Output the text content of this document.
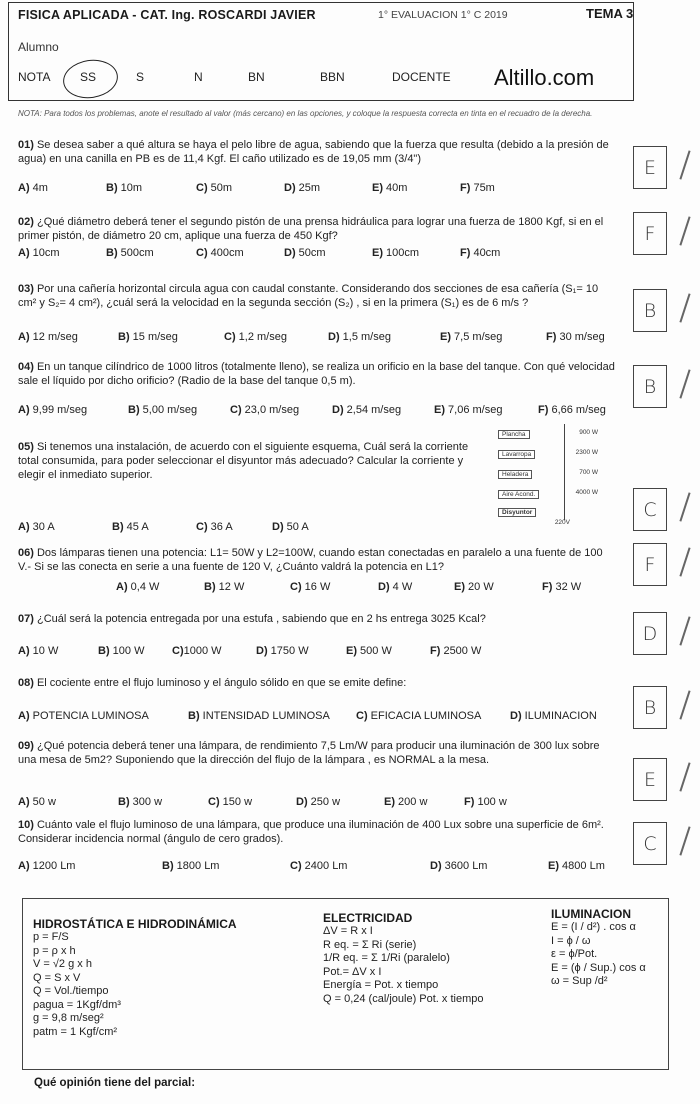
FISICA APLICADA - CAT. Ing. ROSCARDI JAVIER	1° EVALUACION 1° C 2019	TEMA 3
Alumno
NOTA SS	S	N	BN	BBN	DOCENTE Altillo.com
NOTA: Para todos los problemas, anote el resultado al valor (más cercano) en las opciones, y coloque la respuesta correcta en tinta en el recuadro de la derecha.
01) Se desea saber a qué altura se haya el pelo libre de agua, sabiendo que la fuerza que resulta (debido a la presión de agua) en una canilla en PB es de 11,4 Kgf. El caño utilizado es de 19,05 mm (3/4")
A) 4m	B) 10m	C) 50m	D) 25m	E) 40m	F) 75m
E
02) ¿Qué diámetro deberá tener el segundo pistón de una prensa hidráulica para lograr una fuerza de 1800 Kgf, si en el primer pistón, de diámetro 20 cm, aplique una fuerza de 450 Kgf?
A) 10cm	B) 500cm	C) 400cm	D) 50cm	E) 100cm	F) 40cm
F
03) Por una cañería horizontal circula agua con caudal constante. Considerando dos secciones de esa cañería (S₁= 10 cm² y S₂= 4 cm²), ¿cuál será la velocidad en la segunda sección (S₂) , si en la primera (S₁) es de 6 m/s ?
A) 12 m/seg	B) 15 m/seg	C) 1,2 m/seg	D) 1,5 m/seg	E) 7,5 m/seg	F) 30 m/seg
B
04) En un tanque cilíndrico de 1000 litros (totalmente lleno), se realiza un orificio en la base del tanque. Con qué velocidad sale el líquido por dicho orificio? (Radio de la base del tanque 0,5 m).
A) 9,99 m/seg	B) 5,00 m/seg	C) 23,0 m/seg	D) 2,54 m/seg	E) 7,06 m/seg	F) 6,66 m/seg
B
05) Si tenemos una instalación, de acuerdo con el siguiente esquema, Cuál será la corriente total consumida, para poder seleccionar el disyuntor más adecuado? Calcular la corriente y elegir el inmediato superior.
A) 30 A	B) 45 A	C) 36 A	D) 50 A
C
06) Dos lámparas tienen una potencia: L1= 50W y L2=100W, cuando estan conectadas en paralelo a una fuente de 100 V.- Si se las conecta en serie a una fuente de 120 V, ¿Cuánto valdrá la potencia en L1?
A) 0,4 W	B) 12 W	C) 16 W	D) 4 W	E) 20 W	F) 32 W
F
07) ¿Cuál será la potencia entregada por una estufa , sabiendo que en 2 hs entrega 3025 Kcal?
A) 10 W	B) 100 W	C)1000 W	D) 1750 W	E) 500 W	F) 2500 W
D
08) El cociente entre el flujo luminoso y el ángulo sólido en que se emite define:
A) POTENCIA LUMINOSA	B) INTENSIDAD LUMINOSA C) EFICACIA LUMINOSA	D) ILUMINACION	B
09) ¿Qué potencia deberá tener una lámpara, de rendimiento 7,5 Lm/W para producir una iluminación de 300 lux sobre una mesa de 5m2? Suponiendo que la dirección del flujo de la lámpara , es NORMAL a la mesa.
A) 50 w	B) 300 w	C) 150 w	D) 250 w	E) 200 w	F) 100 w
E
10) Cuánto vale el flujo luminoso de una lámpara, que produce una iluminación de 400 Lux sobre una superficie de 6m². Considerar incidencia normal (ángulo de cero grados).
A) 1200 Lm	B) 1800 Lm	C) 2400 Lm	D) 3600 Lm	E) 4800 Lm
C
Plancha	900 W
Lavarropa	2300 W
Heladera	700 W
Aire Acond.	4000 W
Disyuntor
220V
HIDROSTÁTICA E HIDRODINÁMICA
p = F/S
p = ρ x h
V = √2 g x h
Q = S x V
Q = Vol./tiempo
ρagua = 1Kgf/dm³
g = 9,8 m/seg²
patm = 1 Kgf/cm²
ELECTRICIDAD
ΔV = R x I
R eq. = Σ Ri (serie)
1/R eq. = Σ 1/Ri (paralelo)
Pot.= ΔV x I
Energía = Pot. x tiempo
Q = 0,24 (cal/joule) Pot. x tiempo
ILUMINACION
E = (I / d²) . cos α
I = ϕ / ω
ε = ϕ/Pot.
E = (ϕ / Sup.) cos α
ω = Sup /d²
Qué opinión tiene del parcial:
